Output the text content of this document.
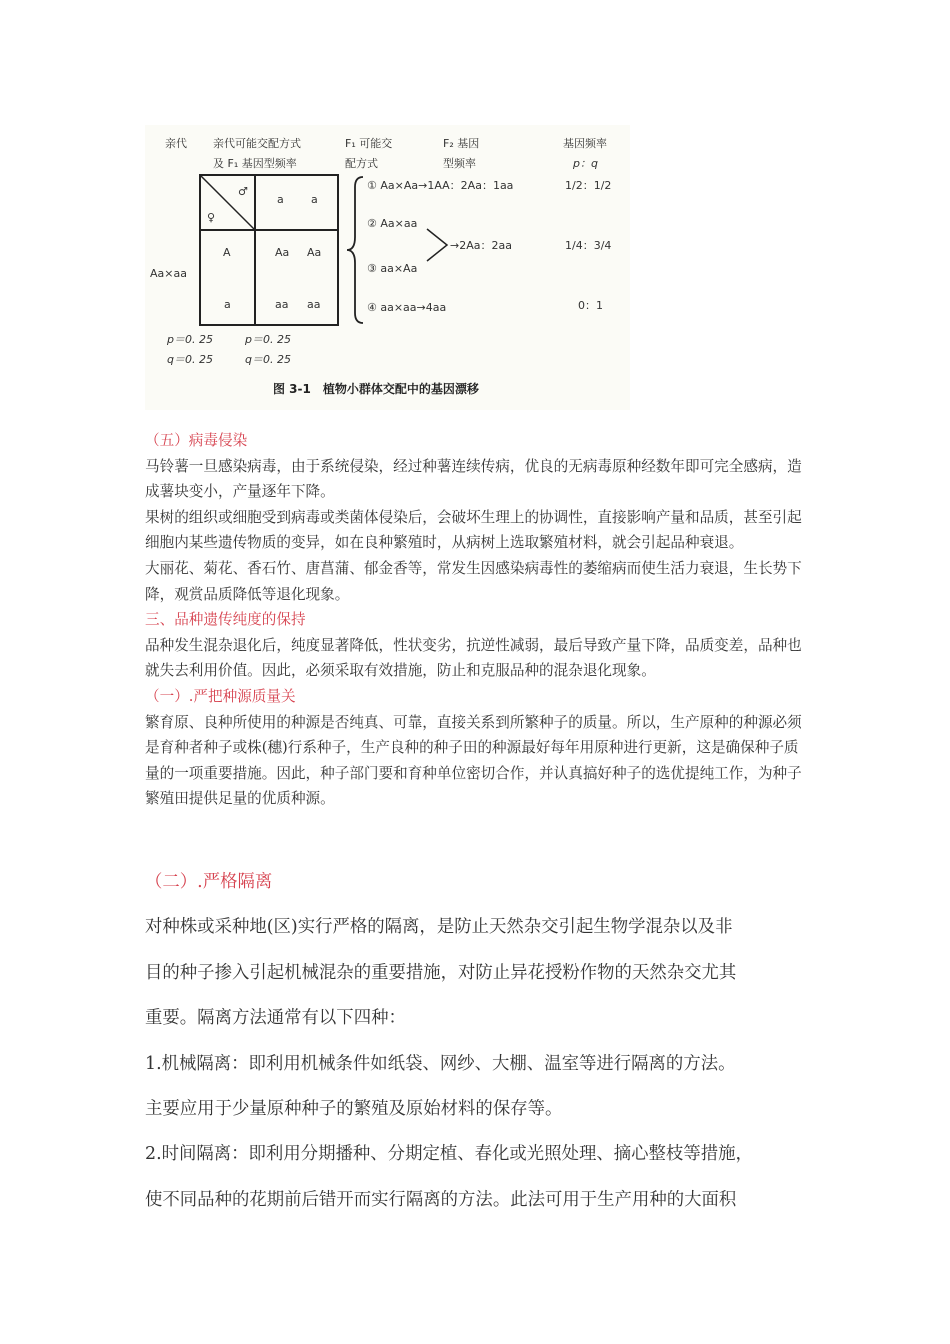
亲代 亲代可能交配方式
及 F₁ 基因型频率
F₁ 可能交
配方式
F₂ 基因
型频率
基因频率
p：q
♂
♀
a a
A
a
Aa Aa
aa aa
Aa×aa
① Aa×Aa→1AA：2Aa：1aa
② Aa×aa
③ aa×Aa
→2Aa：2aa
④ aa×aa→4aa
1/2：1/2
1/4：3/4
0：1
p＝0. 25
q＝0. 25
p＝0. 25
q＝0. 25
图 3-1　植物小群体交配中的基因漂移

（五）病毒侵染

马铃薯一旦感染病毒，由于系统侵染，经过种薯连续传病，优良的无病毒原种经数年即可完全感病，造成薯块变小，产量逐年下降。

果树的组织或细胞受到病毒或类菌体侵染后，会破坏生理上的协调性，直接影响产量和品质，甚至引起细胞内某些遗传物质的变异，如在良种繁殖时，从病树上选取繁殖材料，就会引起品种衰退。

大丽花、菊花、香石竹、唐菖蒲、郁金香等，常发生因感染病毒性的萎缩病而使生活力衰退，生长势下降，观赏品质降低等退化现象。

三、品种遗传纯度的保持

品种发生混杂退化后，纯度显著降低，性状变劣，抗逆性减弱，最后导致产量下降，品质变差，品种也就失去利用价值。因此，必须采取有效措施，防止和克服品种的混杂退化现象。

（一）.严把种源质量关

繁育原、良种所使用的种源是否纯真、可靠，直接关系到所繁种子的质量。所以，生产原种的种源必须是育种者种子或株(穗)行系种子，生产良种的种子田的种源最好每年用原种进行更新，这是确保种子质量的一项重要措施。因此，种子部门要和育种单位密切合作，并认真搞好种子的选优提纯工作，为种子繁殖田提供足量的优质种源。

（二）.严格隔离

对种株或采种地(区)实行严格的隔离，是防止天然杂交引起生物学混杂以及非

目的种子掺入引起机械混杂的重要措施，对防止异花授粉作物的天然杂交尤其

重要。隔离方法通常有以下四种：

1.机械隔离：即利用机械条件如纸袋、网纱、大棚、温室等进行隔离的方法。

主要应用于少量原种种子的繁殖及原始材料的保存等。

2.时间隔离：即利用分期播种、分期定植、春化或光照处理、摘心整枝等措施，

使不同品种的花期前后错开而实行隔离的方法。此法可用于生产用种的大面积
